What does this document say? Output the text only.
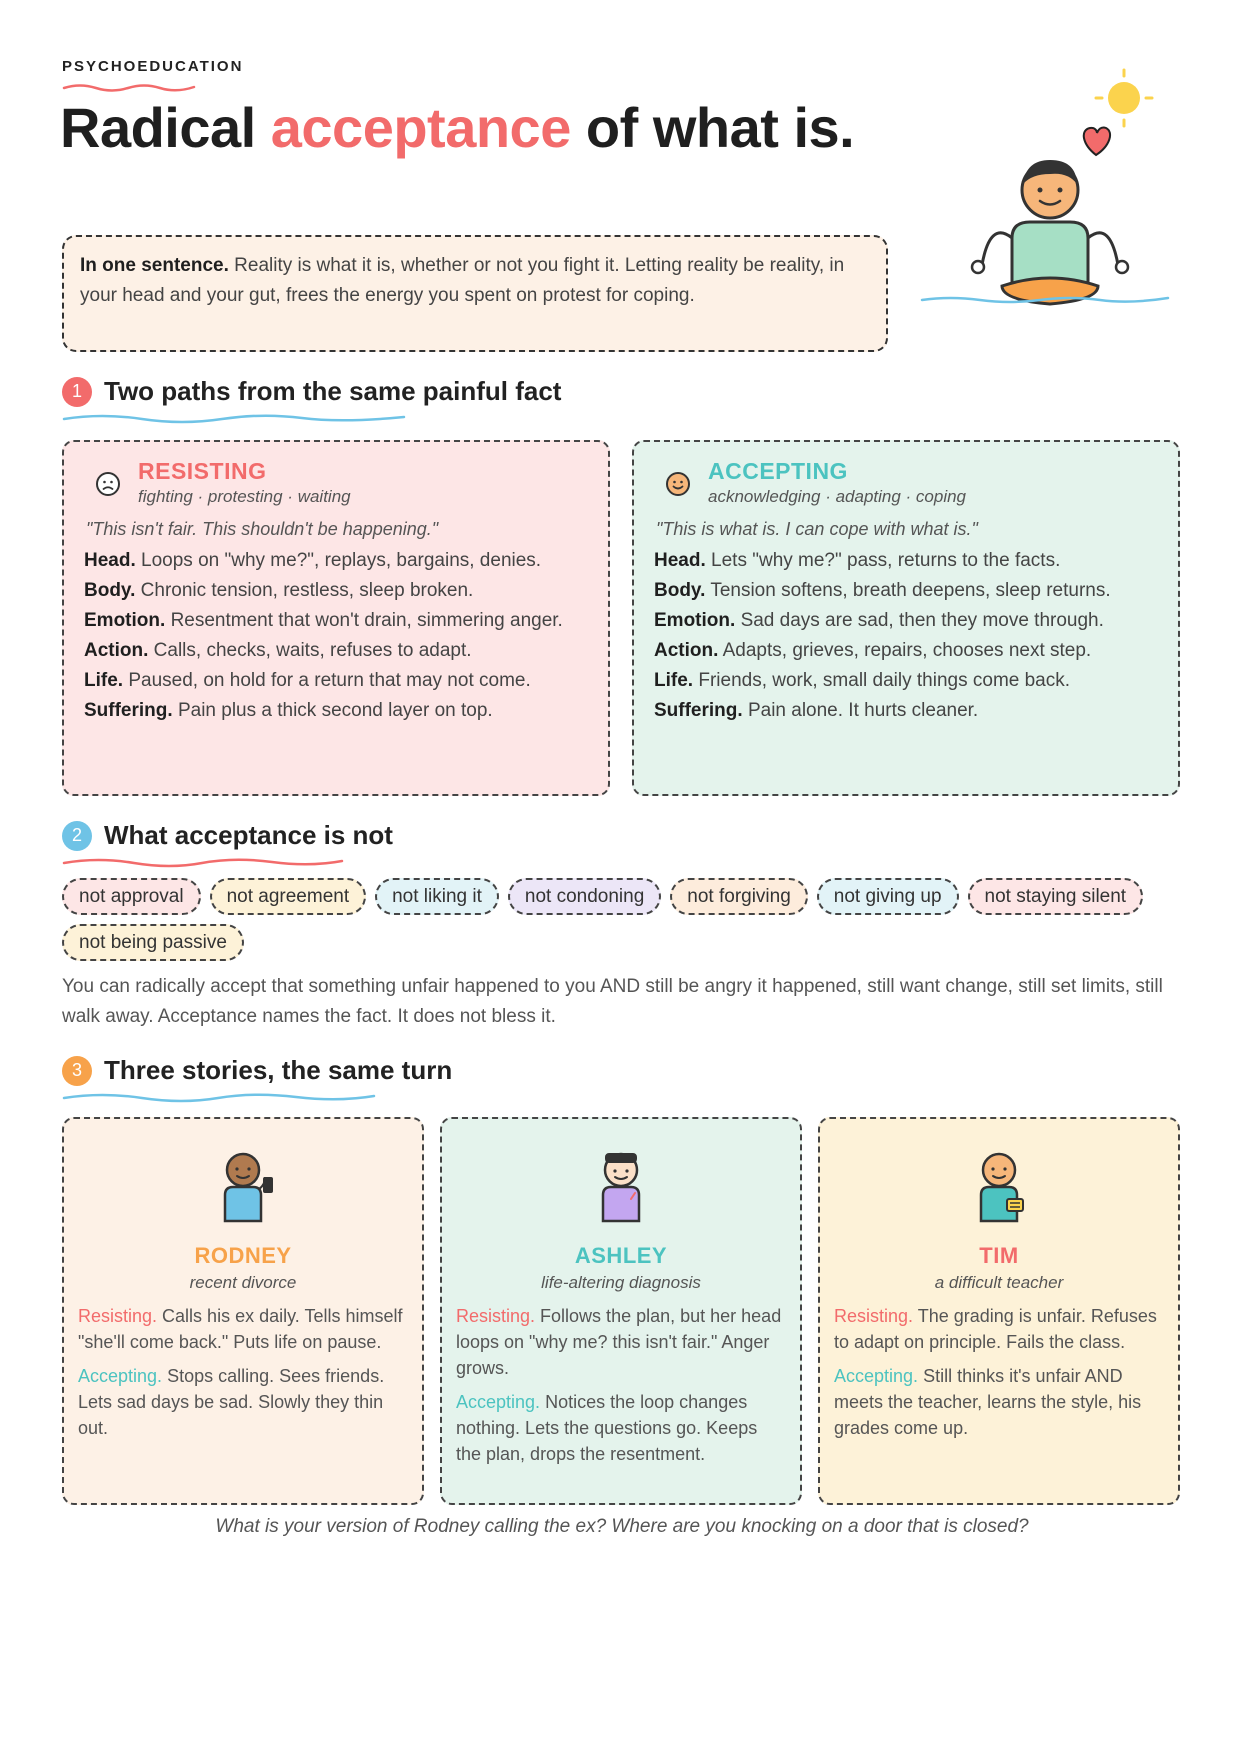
PSYCHOEDUCATION
Radical acceptance of what is.
In one sentence. Reality is what it is, whether or not you fight it. Letting reality be reality, in your head and your gut, frees the energy you spent on protest for coping.
1 Two paths from the same painful fact
RESISTING
fighting · protesting · waiting
"This isn't fair. This shouldn't be happening."
Head. Loops on "why me?", replays, bargains, denies.
Body. Chronic tension, restless, sleep broken.
Emotion. Resentment that won't drain, simmering anger.
Action. Calls, checks, waits, refuses to adapt.
Life. Paused, on hold for a return that may not come.
Suffering. Pain plus a thick second layer on top.
ACCEPTING
acknowledging · adapting · coping
"This is what is. I can cope with what is."
Head. Lets "why me?" pass, returns to the facts.
Body. Tension softens, breath deepens, sleep returns.
Emotion. Sad days are sad, then they move through.
Action. Adapts, grieves, repairs, chooses next step.
Life. Friends, work, small daily things come back.
Suffering. Pain alone. It hurts cleaner.
2 What acceptance is not
not approval	not agreement	not liking it	not condoning	not forgiving	not giving up	not staying silent
not being passive
You can radically accept that something unfair happened to you AND still be angry it happened, still want change, still set limits, still walk away. Acceptance names the fact. It does not bless it.
3 Three stories, the same turn
RODNEY
recent divorce
Resisting. Calls his ex daily. Tells himself "she'll come back." Puts life on pause.
Accepting. Stops calling. Sees friends. Lets sad days be sad. Slowly they thin out.
ASHLEY
life-altering diagnosis
Resisting. Follows the plan, but her head loops on "why me? this isn't fair." Anger grows.
Accepting. Notices the loop changes nothing. Lets the questions go. Keeps the plan, drops the resentment.
TIM
a difficult teacher
Resisting. The grading is unfair. Refuses to adapt on principle. Fails the class.
Accepting. Still thinks it's unfair AND meets the teacher, learns the style, his grades come up.
What is your version of Rodney calling the ex? Where are you knocking on a door that is closed?
